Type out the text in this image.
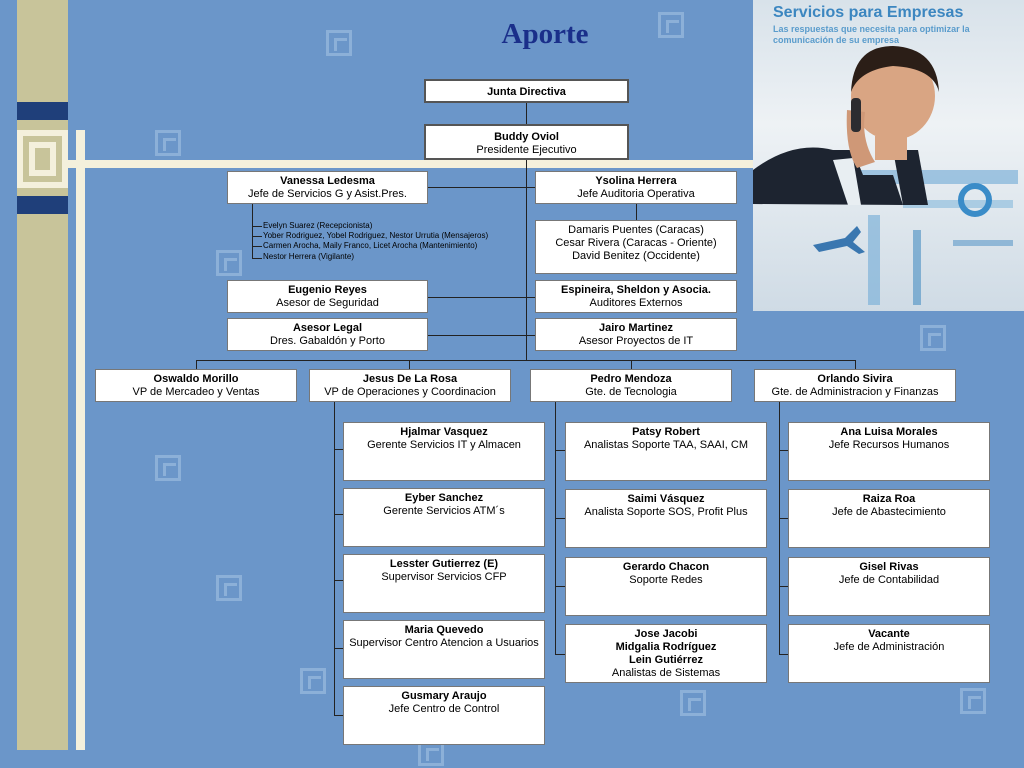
Aporte
Servicios para Empresas
Las respuestas que necesita para optimizar la comunicación de su empresa
Junta Directiva
Buddy Oviol
Presidente Ejecutivo
Vanessa Ledesma
Jefe de Servicios G y Asist.Pres.
Evelyn Suarez (Recepcionista)
Yober Rodriguez, Yobel Rodriguez, Nestor Urrutia (Mensajeros)
Carmen Arocha, Maily Franco, Licet Arocha (Mantenimiento)
Nestor Herrera (Vigilante)
Eugenio Reyes
Asesor de Seguridad
Asesor Legal
Dres. Gabaldón y Porto
Ysolina Herrera
Jefe Auditoria Operativa
Damaris Puentes (Caracas)
Cesar Rivera (Caracas - Oriente)
David Benitez (Occidente)
Espineira, Sheldon y Asocia.
Auditores Externos
Jairo Martinez
Asesor Proyectos de IT
Oswaldo Morillo
VP de Mercadeo y Ventas
Jesus De La Rosa
VP de Operaciones y Coordinacion
Pedro Mendoza
Gte. de Tecnologia
Orlando Sivira
Gte. de Administracion y Finanzas
Hjalmar Vasquez
Gerente Servicios IT y Almacen
Eyber Sanchez
Gerente Servicios ATM´s
Lesster Gutierrez (E)
Supervisor Servicios CFP
Maria Quevedo
Supervisor Centro Atencion a Usuarios
Gusmary Araujo
Jefe Centro de Control
Patsy Robert
Analistas Soporte TAA, SAAI, CM
Saimi Vásquez
Analista Soporte SOS, Profit Plus
Gerardo Chacon
Soporte Redes
Jose Jacobi
Midgalia Rodríguez
Lein Gutiérrez
Analistas de Sistemas
Ana Luisa Morales
Jefe Recursos Humanos
Raiza Roa
Jefe de Abastecimiento
Gisel Rivas
Jefe de Contabilidad
Vacante
Jefe de Administración
